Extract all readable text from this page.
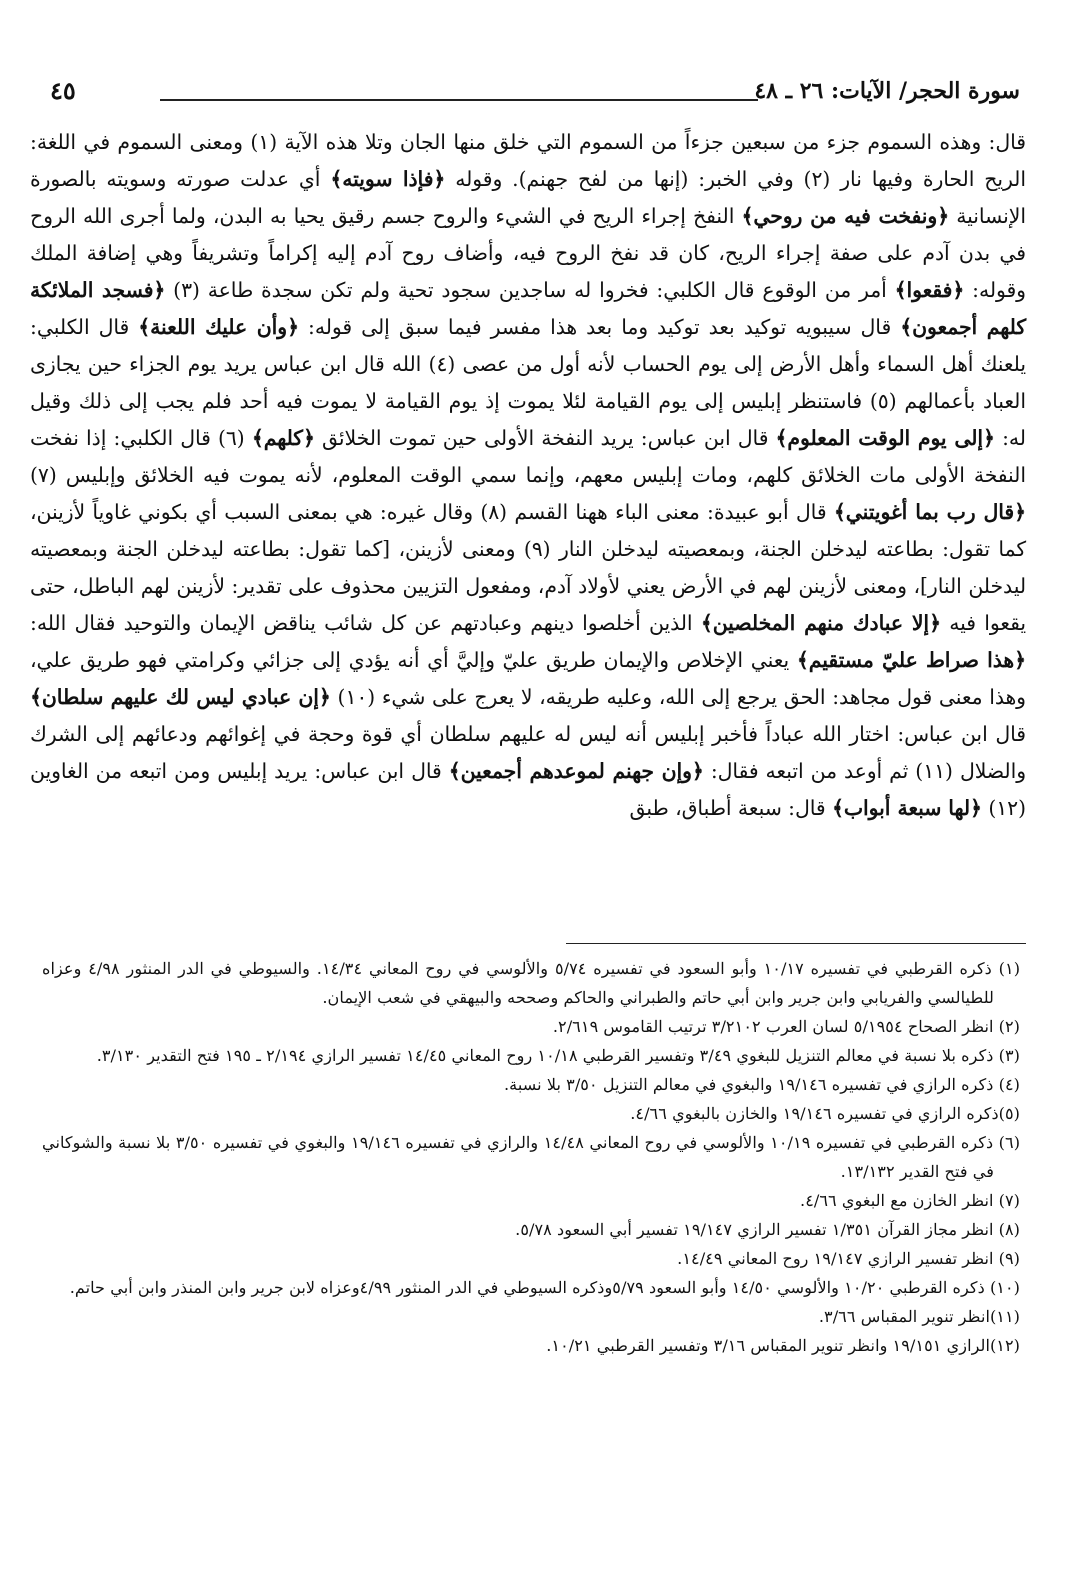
سورة الحجر/ الآيات: ٢٦ ـ ٤٨
٤٥

قال: وهذه السموم جزء من سبعين جزءاً من السموم التي خلق منها الجان وتلا هذه الآية (١) ومعنى السموم في اللغة: الريح الحارة وفيها نار (٢) وفي الخبر: (إنها من لفح جهنم). وقوله ﴿فإذا سويته﴾ أي عدلت صورته وسويته بالصورة الإنسانية ﴿ونفخت فيه من روحي﴾ النفخ إجراء الريح في الشيء والروح جسم رقيق يحيا به البدن، ولما أجرى الله الروح في بدن آدم على صفة إجراء الريح، كان قد نفخ الروح فيه، وأضاف روح آدم إليه إكراماً وتشريفاً وهي إضافة الملك وقوله: ﴿فقعوا﴾ أمر من الوقوع قال الكلبي: فخروا له ساجدين سجود تحية ولم تكن سجدة طاعة (٣) ﴿فسجد الملائكة كلهم أجمعون﴾ قال سيبويه توكيد بعد توكيد وما بعد هذا مفسر فيما سبق إلى قوله: ﴿وأن عليك اللعنة﴾ قال الكلبي: يلعنك أهل السماء وأهل الأرض إلى يوم الحساب لأنه أول من عصى (٤) الله قال ابن عباس يريد يوم الجزاء حين يجازى العباد بأعمالهم (٥) فاستنظر إبليس إلى يوم القيامة لئلا يموت إذ يوم القيامة لا يموت فيه أحد فلم يجب إلى ذلك وقيل له: ﴿إلى يوم الوقت المعلوم﴾ قال ابن عباس: يريد النفخة الأولى حين تموت الخلائق ﴿كلهم﴾ (٦) قال الكلبي: إذا نفخت النفخة الأولى مات الخلائق كلهم، ومات إبليس معهم، وإنما سمي الوقت المعلوم، لأنه يموت فيه الخلائق وإبليس (٧) ﴿قال رب بما أغويتني﴾ قال أبو عبيدة: معنى الباء ههنا القسم (٨) وقال غيره: هي بمعنى السبب أي بكوني غاوياً لأزينن، كما تقول: بطاعته ليدخلن الجنة، وبمعصيته ليدخلن النار (٩) ومعنى لأزينن، [كما تقول: بطاعته ليدخلن الجنة وبمعصيته ليدخلن النار]، ومعنى لأزينن لهم في الأرض يعني لأولاد آدم، ومفعول التزيين محذوف على تقدير: لأزينن لهم الباطل، حتى يقعوا فيه ﴿إلا عبادك منهم المخلصين﴾ الذين أخلصوا دينهم وعبادتهم عن كل شائب يناقض الإيمان والتوحيد فقال الله: ﴿هذا صراط عليّ مستقيم﴾ يعني الإخلاص والإيمان طريق عليّ وإليَّ أي أنه يؤدي إلى جزائي وكرامتي فهو طريق علي، وهذا معنى قول مجاهد: الحق يرجع إلى الله، وعليه طريقه، لا يعرج على شيء (١٠) ﴿إن عبادي ليس لك عليهم سلطان﴾ قال ابن عباس: اختار الله عباداً فأخبر إبليس أنه ليس له عليهم سلطان أي قوة وحجة في إغوائهم ودعائهم إلى الشرك والضلال (١١) ثم أوعد من اتبعه فقال: ﴿وإن جهنم لموعدهم أجمعين﴾ قال ابن عباس: يريد إبليس ومن اتبعه من الغاوين (١٢) ﴿لها سبعة أبواب﴾ قال: سبعة أطباق، طبق

(١) ذكره القرطبي في تفسيره ١٠/١٧ وأبو السعود في تفسيره ٥/٧٤ والألوسي في روح المعاني ١٤/٣٤. والسيوطي في الدر المنثور ٤/٩٨ وعزاه للطيالسي والفريابي وابن جرير وابن أبي حاتم والطبراني والحاكم وصححه والبيهقي في شعب الإيمان.

(٢) انظر الصحاح ٥/١٩٥٤ لسان العرب ٣/٢١٠٢ ترتيب القاموس ٢/٦١٩.

(٣) ذكره بلا نسبة في معالم التنزيل للبغوي ٣/٤٩ وتفسير القرطبي ١٠/١٨ روح المعاني ١٤/٤٥ تفسير الرازي ٢/١٩٤ ـ ١٩٥ فتح التقدير ٣/١٣٠.

(٤) ذكره الرازي في تفسيره ١٩/١٤٦ والبغوي في معالم التنزيل ٣/٥٠ بلا نسبة.

(٥)ذكره الرازي في تفسيره ١٩/١٤٦ والخازن بالبغوي ٤/٦٦.

(٦) ذكره القرطبي في تفسيره ١٠/١٩ والألوسي في روح المعاني ١٤/٤٨ والرازي في تفسيره ١٩/١٤٦ والبغوي في تفسيره ٣/٥٠ بلا نسبة والشوكاني في فتح القدير ١٣/١٣٢.

(٧) انظر الخازن مع البغوي ٤/٦٦.

(٨) انظر مجاز القرآن ١/٣٥١ تفسير الرازي ١٩/١٤٧ تفسير أبي السعود ٥/٧٨.

(٩) انظر تفسير الرازي ١٩/١٤٧ روح المعاني ١٤/٤٩.

(١٠) ذكره القرطبي ١٠/٢٠ والألوسي ١٤/٥٠ وأبو السعود ٥/٧٩وذكره السيوطي في الدر المنثور ٤/٩٩وعزاه لابن جرير وابن المنذر وابن أبي حاتم.

(١١)انظر تنوير المقباس ٣/٦٦.

(١٢)الرازي ١٩/١٥١ وانظر تنوير المقباس ٣/١٦ وتفسير القرطبي ١٠/٢١.
